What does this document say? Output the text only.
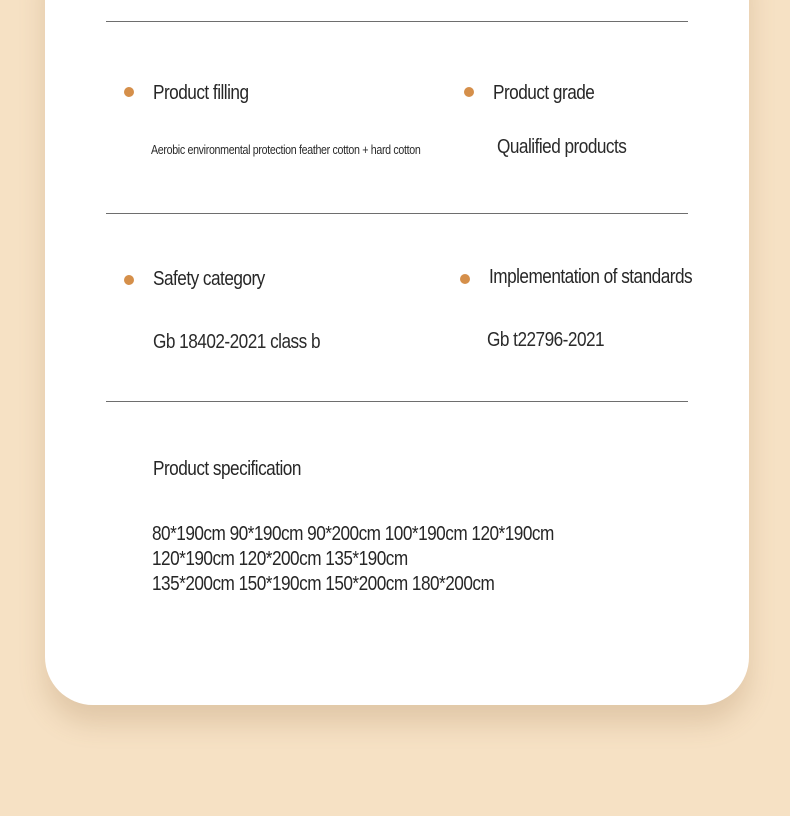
Product filling
Aerobic environmental protection feather cotton + hard cotton
Product grade
Qualified products
Safety category
Gb 18402-2021 class b
Implementation of standards
Gb t22796-2021
Product specification
80*190cm 90*190cm 90*200cm 100*190cm 120*190cm
120*190cm 120*200cm 135*190cm
135*200cm 150*190cm 150*200cm 180*200cm
